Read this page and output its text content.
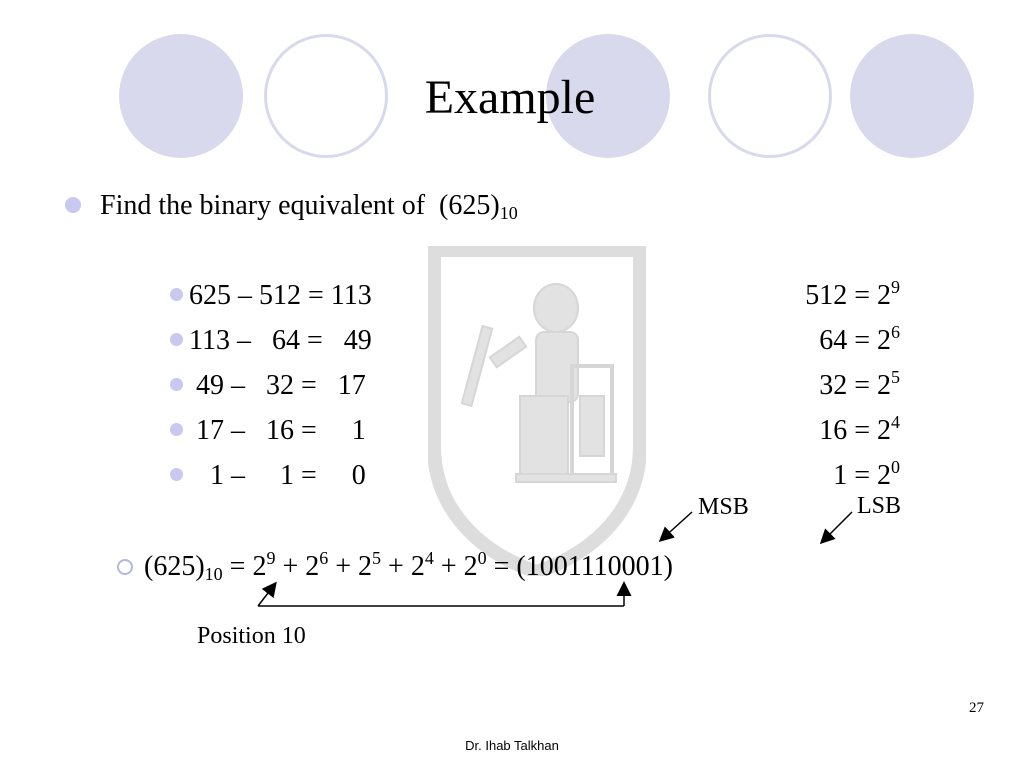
Example
Find the binary equivalent of  (625)10
625 – 512 = 113	$512 = 2^9$
113 –   64 =   49	$64 = 2^6$
49 –   32 =   17	$32 = 2^5$
17 –   16 =     1	$16 = 2^4$
1 –     1 =     0	$1 = 2^0$
MSB	LSB
$(625)10 = 2^9 + 2^6 + 2^5 + 2^4 + 2^0 = (1001110001)$
Position 10
27
Dr. Ihab Talkhan
